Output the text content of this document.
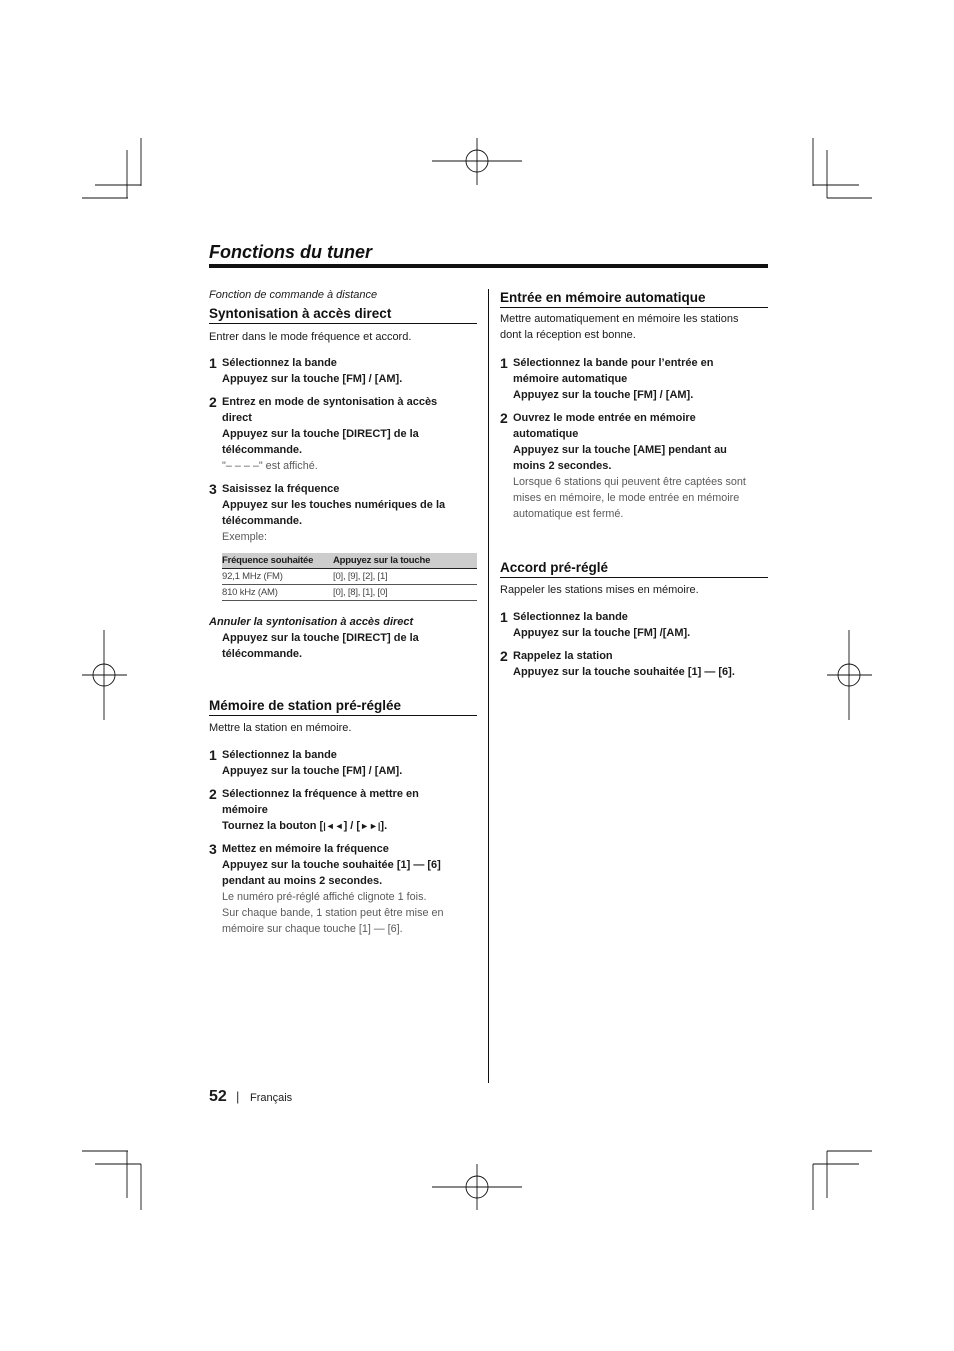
Fonctions du tuner
Fonction de commande à distance
Syntonisation à accès direct
Entrer dans le mode fréquence et accord.
1 Sélectionnez la bande
Appuyez sur la touche [FM] / [AM].
2 Entrez en mode de syntonisation à accès
direct
Appuyez sur la touche [DIRECT] de la
télécommande.
"– – – –" est affiché.
3 Saisissez la fréquence
Appuyez sur les touches numériques de la
télécommande.
Exemple:
Fréquence souhaitée Appuyez sur la touche
92,1 MHz (FM)	[0], [9], [2], [1]
810 kHz (AM)	[0], [8], [1], [0]
Annuler la syntonisation à accès direct
Appuyez sur la touche [DIRECT] de la
télécommande.
Mémoire de station pré-réglée
Mettre la station en mémoire.
1 Sélectionnez la bande
Appuyez sur la touche [FM] / [AM].
2 Sélectionnez la fréquence à mettre en
mémoire
Tournez la bouton [|◄◄] / [►►|].
3 Mettez en mémoire la fréquence
Appuyez sur la touche souhaitée [1] — [6]
pendant au moins 2 secondes.
Le numéro pré-réglé affiché clignote 1 fois.
Sur chaque bande, 1 station peut être mise en
mémoire sur chaque touche [1] — [6].
Entrée en mémoire automatique
Mettre automatiquement en mémoire les stations
dont la réception est bonne.
1 Sélectionnez la bande pour l’entrée en
mémoire automatique
Appuyez sur la touche [FM] / [AM].
2 Ouvrez le mode entrée en mémoire
automatique
Appuyez sur la touche [AME] pendant au
moins 2 secondes.
Lorsque 6 stations qui peuvent être captées sont
mises en mémoire, le mode entrée en mémoire
automatique est fermé.
Accord pré-réglé
Rappeler les stations mises en mémoire.
1 Sélectionnez la bande
Appuyez sur la touche [FM] /[AM].
2 Rappelez la station
Appuyez sur la touche souhaitée [1] — [6].
52 | Français
